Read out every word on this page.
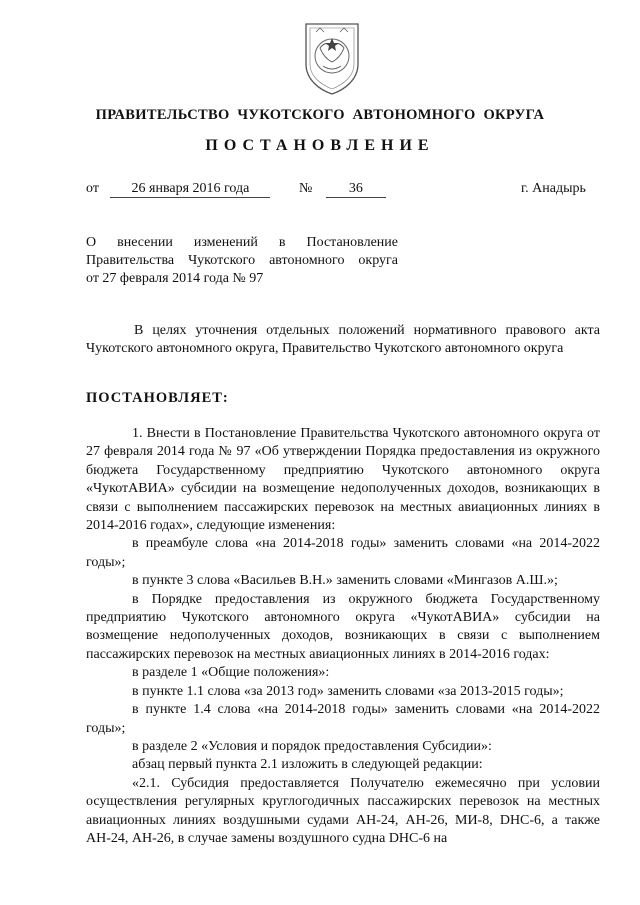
ПРАВИТЕЛЬСТВО  ЧУКОТСКОГО  АВТОНОМНОГО  ОКРУГА
ПОСТАНОВЛЕНИЕ
от 26 января 2016 года	№	36	г. Анадырь
О внесении изменений в Постановление
Правительства Чукотского автономного округа
от 27 февраля 2014 года № 97
В целях уточнения отдельных положений нормативного правового акта Чукотского автономного округа, Правительство Чукотского автономного округа
ПОСТАНОВЛЯЕТ:

1. Внести в Постановление Правительства Чукотского автономного округа от 27 февраля 2014 года № 97 «Об утверждении Порядка предоставления из окружного бюджета Государственному предприятию Чукотского автономного округа «ЧукотАВИА» субсидии на возмещение недополученных доходов, возникающих в связи с выполнением пассажирских перевозок на местных авиационных линиях в 2014-2016 годах», следующие изменения:

в преамбуле слова «на 2014-2018 годы» заменить словами «на 2014-2022 годы»;

в пункте 3 слова «Васильев В.Н.» заменить словами «Мингазов А.Ш.»;

в Порядке предоставления из окружного бюджета Государственному предприятию Чукотского автономного округа «ЧукотАВИА» субсидии на возмещение недополученных доходов, возникающих в связи с выполнением пассажирских перевозок на местных авиационных линиях в 2014-2016 годах:

в разделе 1 «Общие положения»:

в пункте 1.1 слова «за 2013 год» заменить словами «за 2013-2015 годы»;

в пункте 1.4 слова «на 2014-2018 годы» заменить словами «на 2014-2022 годы»;

в разделе 2 «Условия и порядок предоставления Субсидии»:

абзац первый пункта 2.1 изложить в следующей редакции:

«2.1. Субсидия предоставляется Получателю ежемесячно при условии осуществления регулярных круглогодичных пассажирских перевозок на местных авиационных линиях воздушными судами АН-24, АН-26, МИ-8, DHC-6, а также АН-24, АН-26, в случае замены воздушного судна DHC-6 на
